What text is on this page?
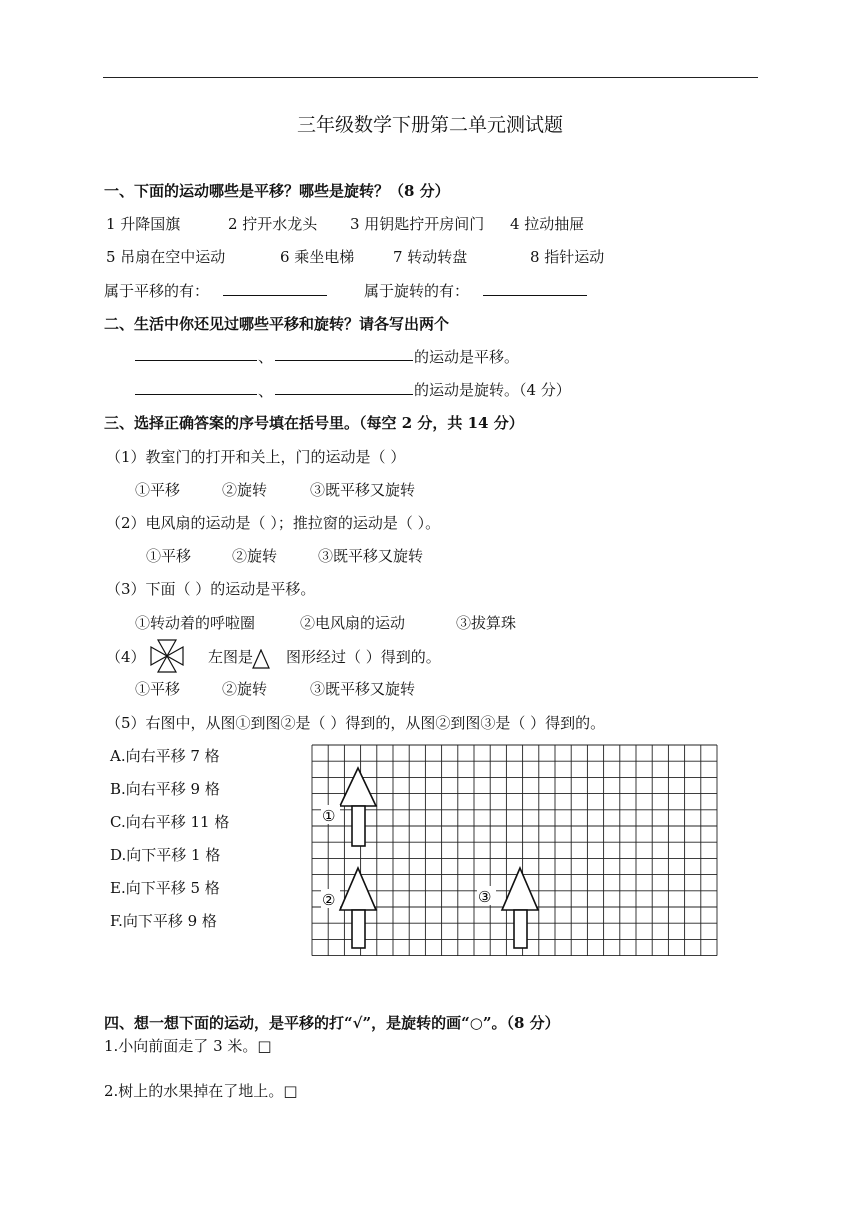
三年级数学下册第二单元测试题
一、下面的运动哪些是平移？哪些是旋转？（8 分）
1 升降国旗	2 拧开水龙头 3 用钥匙拧开房间门 4 拉动抽屉
5 吊扇在空中运动	6 乘坐电梯	7 转动转盘	8 指针运动
属于平移的有：	属于旋转的有：
二、生活中你还见过哪些平移和旋转？请各写出两个
、	的运动是平移。
、	的运动是旋转。（4 分）
三、选择正确答案的序号填在括号里。（每空 2 分，共 14 分）
（1）教室门的打开和关上，门的运动是（ ）
①平移	②旋转	③既平移又旋转
（2）电风扇的运动是（ ）；推拉窗的运动是（ ）。
①平移	②旋转	③既平移又旋转
（3）下面（ ）的运动是平移。
①转动着的呼啦圈	②电风扇的运动	③拔算珠
（4）	左图是 图形经过（ ）得到的。
①平移	②旋转	③既平移又旋转
（5）右图中，从图①到图②是（ ）得到的，从图②到图③是（ ）得到的。
A.向右平移 7 格
B.向右平移 9 格
C.向右平移 11 格
D.向下平移 1 格
E.向下平移 5 格
F.向下平移 9 格
①
②	③
四、想一想下面的运动，是平移的打“√”，是旋转的画“○”。（8 分）
1.小向前面走了 3 米。□
2.树上的水果掉在了地上。□
